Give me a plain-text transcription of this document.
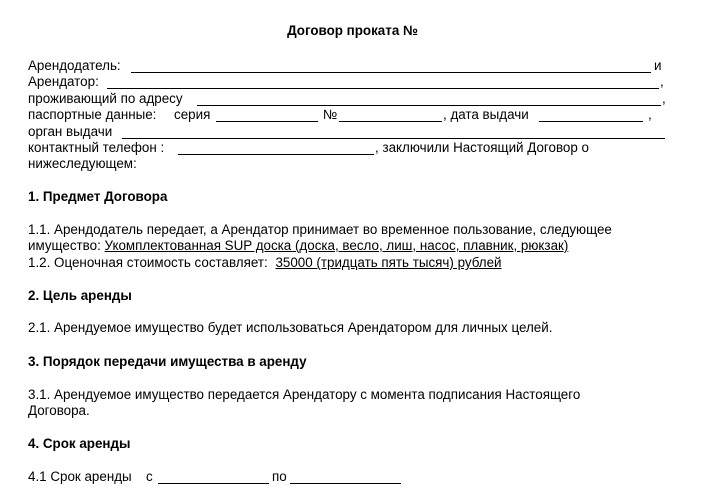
Договор проката №
Арендодатель:	и
Арендатор:	,
проживающий по адресу	,
паспортные данные: серия	№	, дата выдачи	,
орган выдачи
контактный телефон :	, заключили Настоящий Договор о
нижеследующем:
1. Предмет Договора
1.1. Арендодатель передает, а Арендатор принимает во временное пользование, следующее
имущество: Укомплектованная SUP доска (доска, весло, лиш, насос, плавник, рюкзак)
1.2. Оценочная стоимость составляет: 35000 (тридцать пять тысяч) рублей
2. Цель аренды
2.1. Арендуемое имущество будет использоваться Арендатором для личных целей.
3. Порядок передачи имущества в аренду
3.1. Арендуемое имущество передается Арендатору с момента подписания Настоящего
Договора.
4. Срок аренды
4.1 Срок аренды с	по
